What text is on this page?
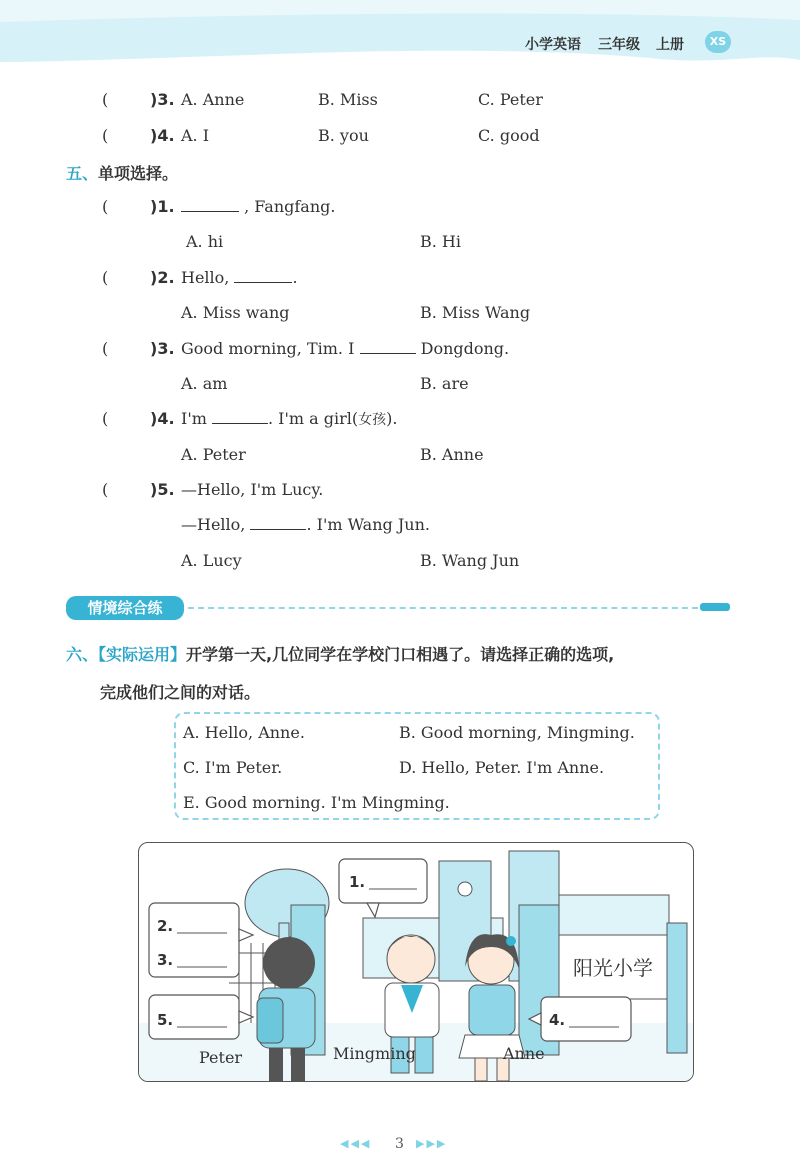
小学英语 三年级 上册	XS
(	)3. A. Anne	B. Miss	C. Peter
(	)4. A. I	B. you	C. good
五、单项选择。
(	)1.	, Fangfang.
A. hi	B. Hi
(	)2. Hello,	.
A. Miss wang	B. Miss Wang
(	)3. Good morning, Tim. I	Dongdong.
A. am	B. are
(	)4. I'm	. I'm a girl(女孩).
A. Peter	B. Anne
(	)5. —Hello, I'm Lucy.
—Hello,	. I'm Wang Jun.
A. Lucy	B. Wang Jun
情境综合练
六、【实际运用】开学第一天,几位同学在学校门口相遇了。请选择正确的选项,
完成他们之间的对话。
A. Hello, Anne.	B. Good morning, Mingming.
C. I'm Peter.	D. Hello, Peter. I'm Anne.
E. Good morning. I'm Mingming.
1.
2.
3.
5.	4.
阳光小学
Peter	Mingming	Anne
◀◀◀ 3 ▶▶▶
